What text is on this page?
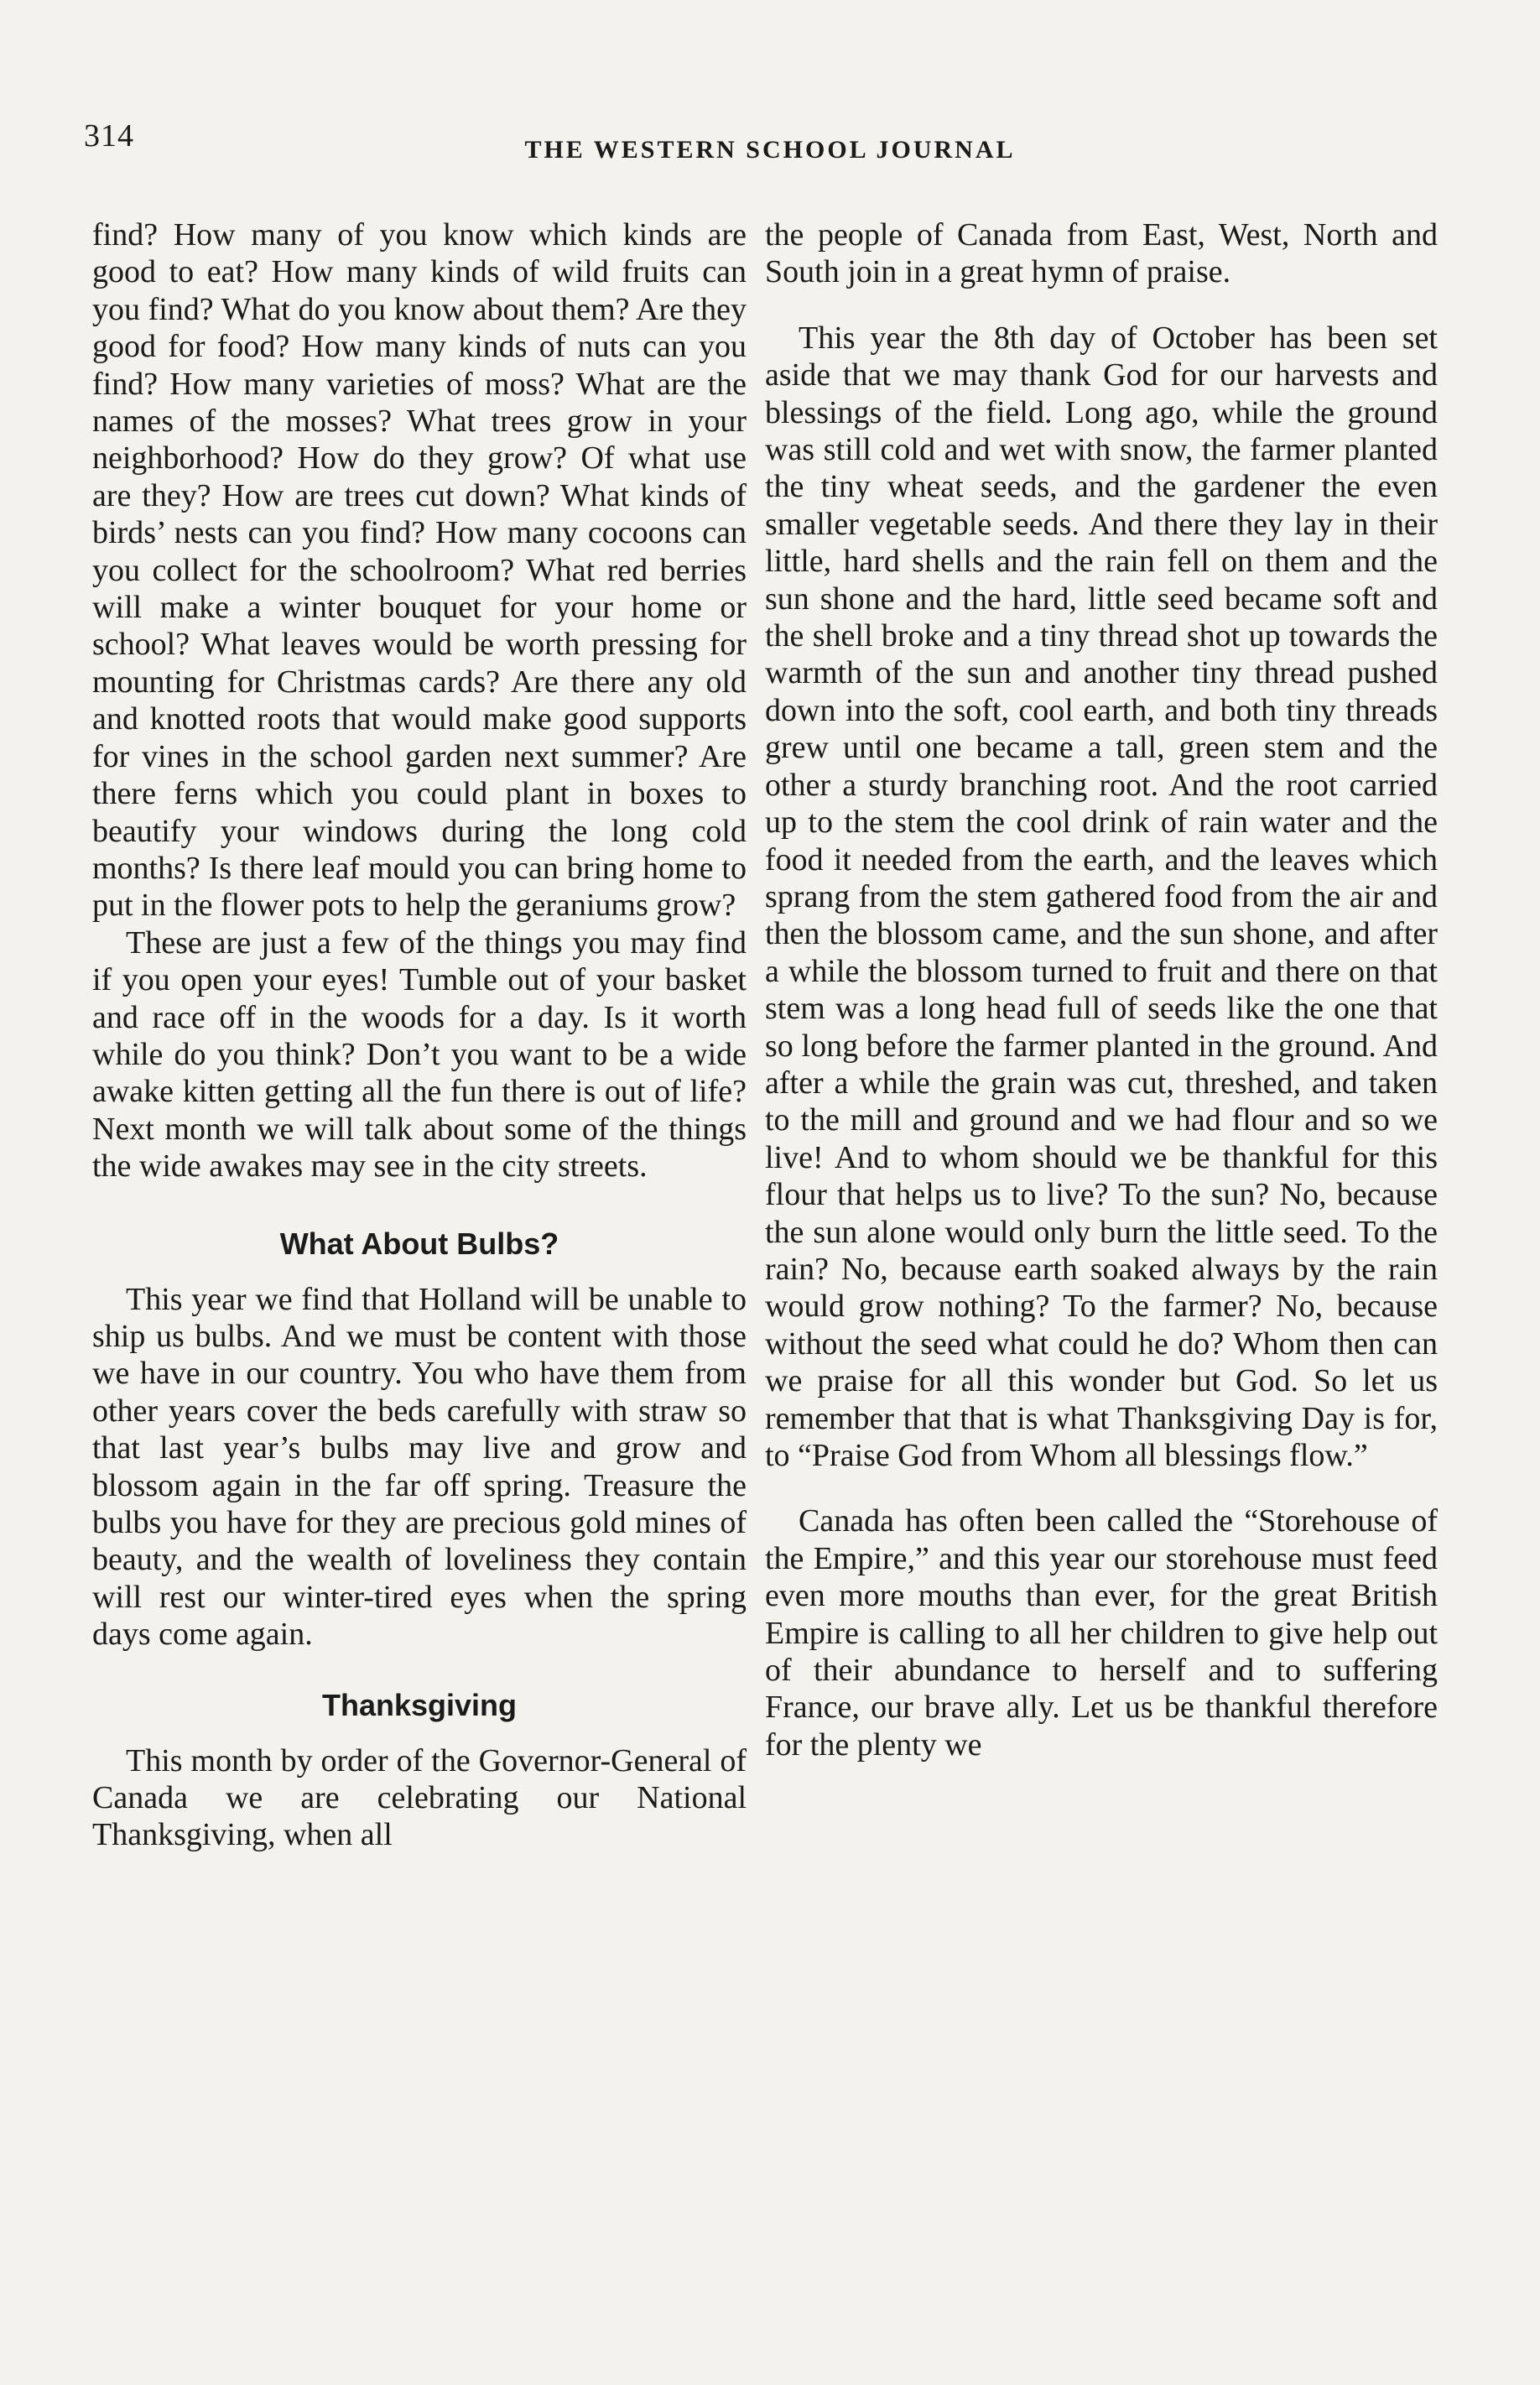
314	THE WESTERN SCHOOL JOURNAL

find? How many of you know which kinds are good to eat? How many kinds of wild fruits can you find? What do you know about them? Are they good for food? How many kinds of nuts can you find? How many varieties of moss? What are the names of the mosses? What trees grow in your neighborhood? How do they grow? Of what use are they? How are trees cut down? What kinds of birds’ nests can you find? How many cocoons can you collect for the schoolroom? What red berries will make a winter bouquet for your home or school? What leaves would be worth pressing for mounting for Christmas cards? Are there any old and knotted roots that would make good supports for vines in the school garden next summer? Are there ferns which you could plant in boxes to beautify your windows during the long cold months? Is there leaf mould you can bring home to put in the flower pots to help the geraniums grow?

These are just a few of the things you may find if you open your eyes! Tumble out of your basket and race off in the woods for a day. Is it worth while do you think? Don’t you want to be a wide awake kitten getting all the fun there is out of life? Next month we will talk about some of the things the wide awakes may see in the city streets.

What About Bulbs?

This year we find that Holland will be unable to ship us bulbs. And we must be content with those we have in our country. You who have them from other years cover the beds carefully with straw so that last year’s bulbs may live and grow and blossom again in the far off spring. Treasure the bulbs you have for they are precious gold mines of beauty, and the wealth of loveliness they contain will rest our winter-tired eyes when the spring days come again.

Thanksgiving

This month by order of the Governor-General of Canada we are celebrating our National Thanksgiving, when all

the people of Canada from East, West, North and South join in a great hymn of praise.

This year the 8th day of October has been set aside that we may thank God for our harvests and blessings of the field. Long ago, while the ground was still cold and wet with snow, the farmer planted the tiny wheat seeds, and the gardener the even smaller vegetable seeds. And there they lay in their little, hard shells and the rain fell on them and the sun shone and the hard, little seed became soft and the shell broke and a tiny thread shot up towards the warmth of the sun and another tiny thread pushed down into the soft, cool earth, and both tiny threads grew until one became a tall, green stem and the other a sturdy branching root. And the root carried up to the stem the cool drink of rain water and the food it needed from the earth, and the leaves which sprang from the stem gathered food from the air and then the blossom came, and the sun shone, and after a while the blossom turned to fruit and there on that stem was a long head full of seeds like the one that so long before the farmer planted in the ground. And after a while the grain was cut, threshed, and taken to the mill and ground and we had flour and so we live! And to whom should we be thankful for this flour that helps us to live? To the sun? No, because the sun alone would only burn the little seed. To the rain? No, because earth soaked always by the rain would grow nothing? To the farmer? No, because without the seed what could he do? Whom then can we praise for all this wonder but God. So let us remember that that is what Thanksgiving Day is for, to “Praise God from Whom all blessings flow.”

Canada has often been called the “Storehouse of the Empire,” and this year our storehouse must feed even more mouths than ever, for the great British Empire is calling to all her children to give help out of their abundance to herself and to suffering France, our brave ally. Let us be thankful therefore for the plenty we
